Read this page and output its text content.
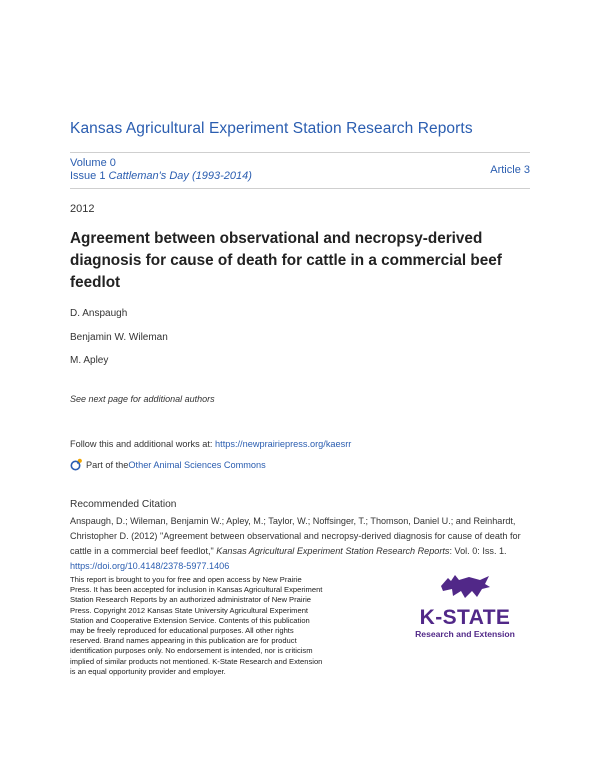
Kansas Agricultural Experiment Station Research Reports
Volume 0
Issue 1 Cattleman's Day (1993-2014)	Article 3
2012
Agreement between observational and necropsy-derived diagnosis for cause of death for cattle in a commercial beef feedlot
D. Anspaugh
Benjamin W. Wileman
M. Apley
See next page for additional authors
Follow this and additional works at: https://newprairiepress.org/kaesrr
Part of the Other Animal Sciences Commons
Recommended Citation
Anspaugh, D.; Wileman, Benjamin W.; Apley, M.; Taylor, W.; Noffsinger, T.; Thomson, Daniel U.; and Reinhardt, Christopher D. (2012) "Agreement between observational and necropsy-derived diagnosis for cause of death for cattle in a commercial beef feedlot," Kansas Agricultural Experiment Station Research Reports: Vol. 0: Iss. 1. https://doi.org/10.4148/2378-5977.1406
This report is brought to you for free and open access by New Prairie Press. It has been accepted for inclusion in Kansas Agricultural Experiment Station Research Reports by an authorized administrator of New Prairie Press. Copyright 2012 Kansas State University Agricultural Experiment Station and Cooperative Extension Service. Contents of this publication may be freely reproduced for educational purposes. All other rights reserved. Brand names appearing in this publication are for product identification purposes only. No endorsement is intended, nor is criticism implied of similar products not mentioned. K-State Research and Extension is an equal opportunity provider and employer.
K-STATE
Research and Extension
